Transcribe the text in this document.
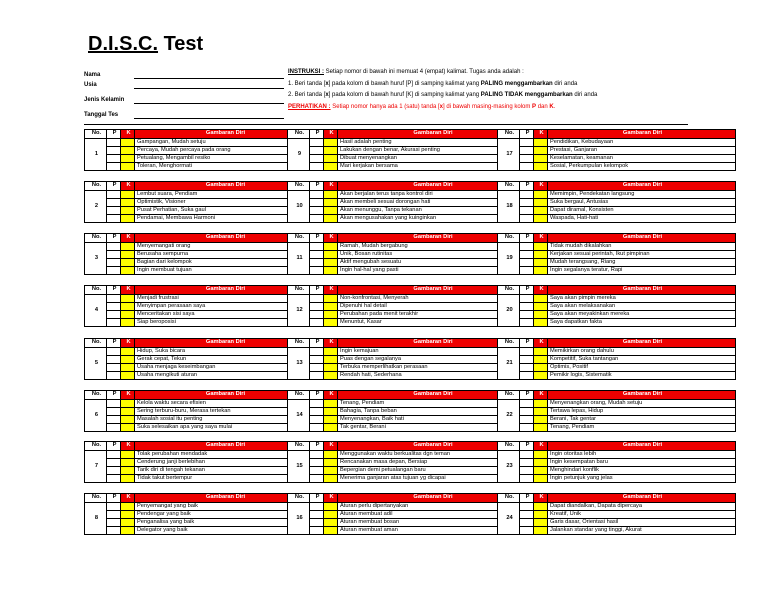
D.I.S.C. Test
Nama
Usia
Jenis Kelamin
Tanggal Tes
INSTRUKSI : Setiap nomor di bawah ini memuat 4 (empat) kalimat. Tugas anda adalah :
1. Beri tanda [x] pada kolom di bawah huruf [P] di samping kalimat yang PALING menggambarkan diri anda
2. Beri tanda [x] pada kolom di bawah huruf [K] di samping kalimat yang PALING TIDAK menggambarkan diri anda
PERHATIKAN : Setiap nomor hanya ada 1 (satu) tanda [x] di bawah masing-masing kolom P dan K.
No.	P	K	Gambaran Diri
1			Gampangan, Mudah setuju
			Percaya, Mudah percaya pada orang
			Petualang, Mengambil resiko
			Toleran, Menghormati
No.	P	K	Gambaran Diri
2			Lembut suara, Pendiam
			Optimistik, Visioner
			Pusat Perhatian, Suka gaul
			Pendamai, Membawa Harmoni
No.	P	K	Gambaran Diri
3			Menyemangati orang
			Berusaha sempurna
			Bagian dari kelompok
			Ingin membuat tujuan
No.	P	K	Gambaran Diri
4			Menjadi frustrasi
			Menyimpan perasaan saya
			Menceritakan sisi saya
			Siap beroposisi
No.	P	K	Gambaran Diri
5			Hidup, Suka bicara
			Gerak cepat, Tekun
			Usaha menjaga keseimbangan
			Usaha mengikuti aturan
No.	P	K	Gambaran Diri
6			Kelola waktu secara efisien
			Sering terburu-buru, Merasa tertekan
			Masalah sosial itu penting
			Suka selesaikan apa yang saya mulai
No.	P	K	Gambaran Diri
7			Tolak perubahan mendadak
			Cenderung janji berlebihan
			Tarik diri di tengah tekanan
			Tidak takut bertempur
No.	P	K	Gambaran Diri
8			Penyemangat yang baik
			Pendengar yang baik
			Penganalisa yang baik
			Delegator yang baik
No.	P	K	Gambaran Diri
9			Hasil adalah penting
			Lakukan dengan benar, Akurasi penting
			Dibuat menyenangkan
			Mari kerjakan bersama
No.	P	K	Gambaran Diri
10			Akan berjalan terus tanpa kontrol diri
			Akan membeli sesuai dorongan hati
			Akan menunggu, Tanpa tekanan
			Akan mengusahakan yang kuinginkan
No.	P	K	Gambaran Diri
11			Ramah, Mudah bergabung
			Unik, Bosan rutinitas
			Aktif mengubah sesuatu
			Ingin hal-hal yang pasti
No.	P	K	Gambaran Diri
12			Non-konfrontasi, Menyerah
			Dipenuhi hal detail
			Perubahan pada menit terakhir
			Menuntut, Kasar
No.	P	K	Gambaran Diri
13			Ingin kemajuan
			Puas dengan segalanya
			Terbuka memperlihatkan perasaan
			Rendah hati, Sederhana
No.	P	K	Gambaran Diri
14			Tenang, Pendiam
			Bahagia, Tanpa beban
			Menyenangkan, Baik hati
			Tak gentar, Berani
No.	P	K	Gambaran Diri
15			Menggunakan waktu berkualitas dgn teman
			Rencanakan masa depan, Bersiap
			Bepergian demi petualangan baru
			Menerima ganjaran atas tujuan yg dicapai
No.	P	K	Gambaran Diri
16			Aturan perlu dipertanyakan
			Aturan membuat adil
			Aturan membuat bosan
			Aturan membuat aman
No.	P	K	Gambaran Diri
17			Pendidikan, Kebudayaan
			Prestasi, Ganjaran
			Keselamatan, keamanan
			Sosial, Perkumpulan kelompok
No.	P	K	Gambaran Diri
18			Memimpin, Pendekatan langsung
			Suka bergaul, Antusias
			Dapat diramal, Konsisten
			Waspada, Hati-hati
No.	P	K	Gambaran Diri
19			Tidak mudah dikalahkan
			Kerjakan sesuai perintah, Ikut pimpinan
			Mudah terangsang, Riang
			Ingin segalanya teratur, Rapi
No.	P	K	Gambaran Diri
20			Saya akan pimpin mereka
			Saya akan melaksanakan
			Saya akan meyakinkan mereka
			Saya dapatkan fakta
No.	P	K	Gambaran Diri
21			Memikirkan orang dahulu
			Kompetitif, Suka tantangan
			Optimis, Positif
			Pemikir logis, Sistematik
No.	P	K	Gambaran Diri
22			Menyenangkan orang, Mudah setuju
			Tertawa lepas, Hidup
			Berani, Tak gentar
			Tenang, Pendiam
No.	P	K	Gambaran Diri
23			Ingin otoritas lebih
			Ingin kesempatan baru
			Menghindari konflik
			Ingin petunjuk yang jelas
No.	P	K	Gambaran Diri
24			Dapat diandalkan, Dapata dipercaya
			Kreatif, Unik
			Garis dasar, Orientasi hasil
			Jalankan standar yang tinggi, Akurat
